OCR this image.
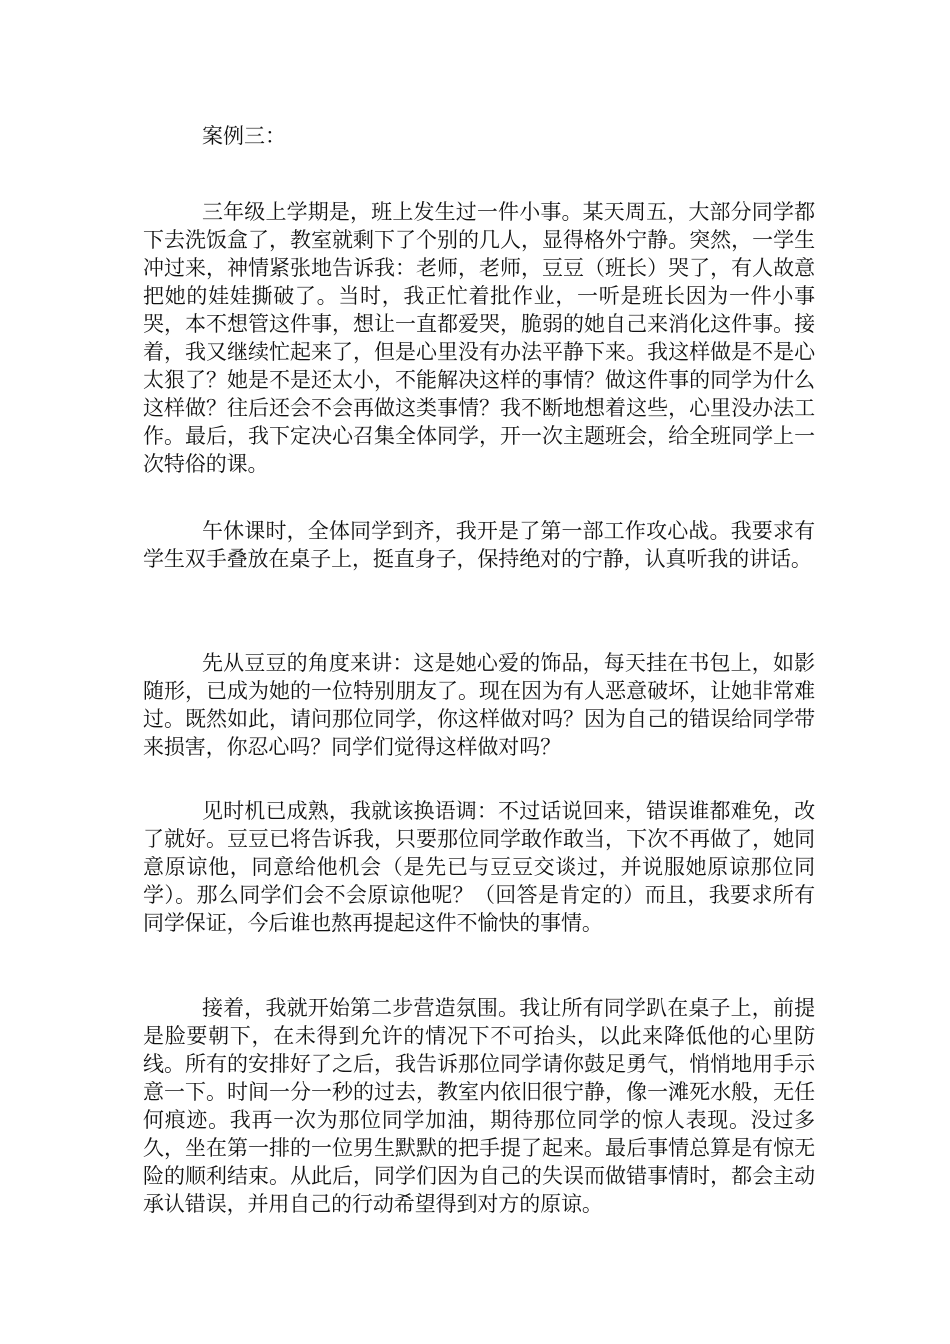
案例三：

三年级上学期是，班上发生过一件小事。某天周五，大部分同学都下去洗饭盒了，教室就剩下了个别的几人，显得格外宁静。突然，一学生冲过来，神情紧张地告诉我：老师，老师，豆豆（班长）哭了，有人故意把她的娃娃撕破了。当时，我正忙着批作业，一听是班长因为一件小事哭，本不想管这件事，想让一直都爱哭，脆弱的她自己来消化这件事。接着，我又继续忙起来了，但是心里没有办法平静下来。我这样做是不是心太狠了？她是不是还太小，不能解决这样的事情？做这件事的同学为什么这样做？往后还会不会再做这类事情？我不断地想着这些，心里没办法工作。最后，我下定决心召集全体同学，开一次主题班会，给全班同学上一次特俗的课。

午休课时，全体同学到齐，我开是了第一部工作攻心战。我要求有学生双手叠放在桌子上，挺直身子，保持绝对的宁静，认真听我的讲话。

先从豆豆的角度来讲：这是她心爱的饰品，每天挂在书包上，如影随形，已成为她的一位特别朋友了。现在因为有人恶意破坏，让她非常难过。既然如此，请问那位同学，你这样做对吗？因为自己的错误给同学带来损害，你忍心吗？同学们觉得这样做对吗？

见时机已成熟，我就该换语调：不过话说回来，错误谁都难免，改了就好。豆豆已将告诉我，只要那位同学敢作敢当，下次不再做了，她同意原谅他，同意给他机会（是先已与豆豆交谈过，并说服她原谅那位同学）。那么同学们会不会原谅他呢？（回答是肯定的）而且，我要求所有同学保证，今后谁也熬再提起这件不愉快的事情。

接着，我就开始第二步营造氛围。我让所有同学趴在桌子上，前提是脸要朝下，在未得到允许的情况下不可抬头，以此来降低他的心里防线。所有的安排好了之后，我告诉那位同学请你鼓足勇气，悄悄地用手示意一下。时间一分一秒的过去，教室内依旧很宁静，像一滩死水般，无任何痕迹。我再一次为那位同学加油，期待那位同学的惊人表现。没过多久，坐在第一排的一位男生默默的把手提了起来。最后事情总算是有惊无险的顺利结束。从此后，同学们因为自己的失误而做错事情时，都会主动承认错误，并用自己的行动希望得到对方的原谅。
